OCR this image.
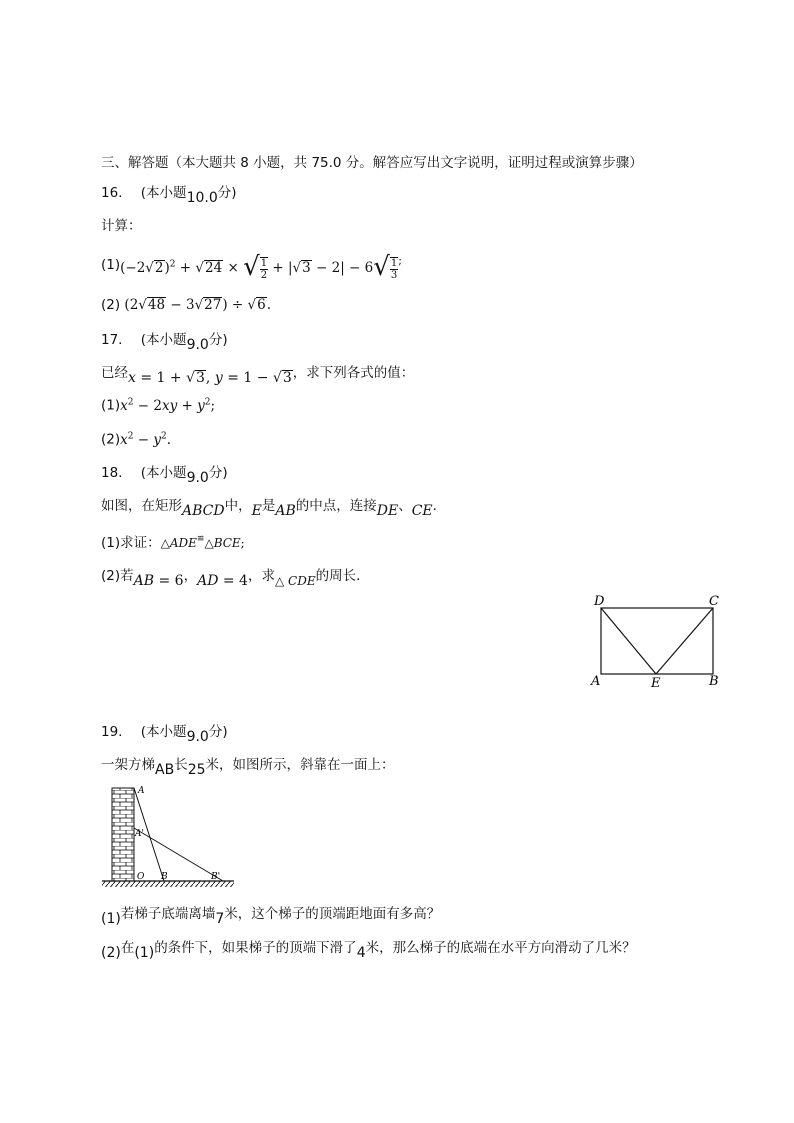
三、解答题（本大题共 8 小题，共 75.0 分。解答应写出文字说明，证明过程或演算步骤）
16. (本小题10.0分)
计算：
(1) $(-2√2)^2 + √24$ × √ $\frac{1}{2} + |√3 - 2| - 6√ \frac{1}{3} ^;$
(2) (2√48 − 3√27) ÷ √6.
17. (本小题9.0分)
已经x = 1 + √3, y = 1 − √3，求下列各式的值：
$(1)x^2 - 2xy + y^2$;
$(2)x^2 - y^2$.
18. (本小题9.0分)
如图，在矩形ABCD中，E是AB的中点，连接DE、CE．
(1)求证：△ADE≌△BCE;
(2)若AB = 6，AD = 4，求△ CDE的周长．
D	C
A	E	B
19. (本小题9.0分)
一架方梯AB长25米，如图所示，斜靠在一面上：
A
A'
O B	B'
(1)若梯子底端离墙7米，这个梯子的顶端距地面有多高？
(2)在(1)的条件下，如果梯子的顶端下滑了4米，那么梯子的底端在水平方向滑动了几米？
